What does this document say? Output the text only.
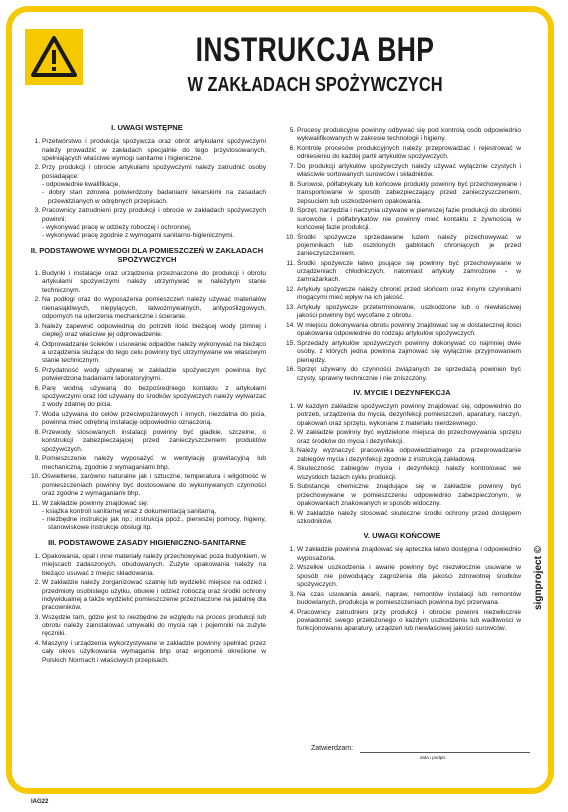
INSTRUKCJA BHP
W ZAKŁADACH SPOŻYWCZYCH
I. UWAGI WSTĘPNE
1. Przetwórstwo i produkcja spożywcza oraz obrót artykułami spożywczymi należy prowadzić w zakładach specjalnie do tego przystosowanych, spełniających właściwe wymogi sanitarne i higieniczne.
2. Przy produkcji i obrocie artykułami spożywczymi należy zatrudnić osoby posiadające:
- odpowiednie kwalifikacje,
- dobry stan zdrowia potwierdzony badaniami lekarskimi na zasadach przewidzianych w odrębnych przepisach.
3. Pracownicy zatrudnieni przy produkcji i obrocie w zakładach spożywczych powinni:
- wykonywać pracę w odzieży roboczej i ochronnej,
- wykonywać pracę zgodnie z wymogami sanitarno-higienicznymi.
II. PODSTAWOWE WYMOGI DLA POMIESZCZEŃ W ZAKŁADACH SPOŻYWCZYCH
1. Budynki i instalacje oraz urządzenia przeznaczone do produkcji i obrotu artykułami spożywczymi należy utrzymywać w należytym stanie technicznym.
2. Na podłogi oraz do wyposażenia pomieszczeń należy używać materiałów nienasiąkliwych, niepylących, łatwozmywalnych, antypoślizgowych, odpornych na uderzenia mechaniczne i ścieranie.
3. Należy zapewnić odpowiednią do potrzeb ilość bieżącej wody (zimnej i ciepłej) oraz właściwe jej odprowadzenie.
4. Odprowadzanie ścieków i usuwanie odpadów należy wykonywać na bieżąco a urządzenia służące do tego celu powinny być utrzymywane we właściwym stanie technicznym.
5. Przydatność wody używanej w zakładzie spożywczym powinna być potwierdzona badaniami laboratoryjnymi.
6. Parę wodną używaną do bezpośredniego kontaktu z artykułami spożywczymi oraz lód używany do środków spożywczych należy wytwarzać z wody zdatnej do picia.
7. Woda używana do celów przeciwpożarowych i innych, niezdatna do picia, powinna mieć odrębną instalację odpowiednio oznaczoną.
8. Przewody stosowanych instalacji powinny być gładkie, szczelne, o konstrukcji zabezpieczającej przed zanieczyszczeniem produktów spożywczych.
9. Pomieszczenie należy wyposażyć w wentylację grawitacyjną lub mechaniczną, zgodnie z wymaganiami bhp.
10. Oświetlenie, zarówno naturalne jak i sztuczne, temperatura i wilgotność w pomieszczeniach powinny być dostosowane do wykonywanych czynności oraz zgodne z wymaganiami bhp.
11. W zakładzie powinny znajdować się:
- książka kontroli sanitarnej wraz z dokumentacją sanitarną,
- niezbędne instrukcje jak np.: instrukcja ppoż., pierwszej pomocy, higieny, stanowiskowe instrukcje obsługi itp.
III. PODSTAWOWE ZASADY HIGIENICZNO-SANITARNE
1. Opakowania, opał i inne materiały należy przechowywać poza budynkiem, w miejscach zadaszonych, obudowanych. Zużyte opakowania należy na bieżąco usuwać z miejsc składowania.
2. W zakładzie należy zorganizować szatnię lub wydzielić miejsce na odzież i przedmioty osobistego użytku, obuwie i odzież roboczą oraz środki ochrony indywidualnej a także wydzielić pomieszczenie przeznaczone na jadalnię dla pracowników.
3. Wszędzie tam, gdzie jest to niezbędne ze względu na proces produkcji lub obrotu należy zainstalować umywalki do mycia rąk i pojemniki na zużyte ręczniki.
4. Maszyny i urządzenia wykorzystywane w zakładzie powinny spełniać przez cały okres użytkowania wymagania bhp oraz ergonomii określone w Polskich Normach i właściwych przepisach.
5. Procesy produkcyjne powinny odbywać się pod kontrolą osób odpowiednio wykwalifikowanych w zakresie technologii i higieny.
6. Kontrolę procesów produkcyjnych należy przeprowadzać i rejestrować w odniesieniu do każdej partii artykułów spożywczych.
7. Do produkcji artykułów spożywczych należy używać wyłącznie czystych i właściwie sortowanych surowców i składników.
8. Surowce, półfabrykaty lub końcowe produkty powinny być przechowywane i transportowane w sposób zabezpieczający przed zanieczyszczeniem, zepsuciem lub uszkodzeniem opakowania.
9. Sprzęt, narzędzia i naczynia używane w pierwszej fazie produkcji do obróbki surowców i półfabrykatów nie powinny mieć kontaktu z żywnością w końcowej fazie produkcji.
10. Środki spożywcze sprzedawane luzem należy przechowywać w pojemnikach lub oszklonych gablotach chroniących je przed zanieczyszczeniem.
11. Środki spożywcze łatwo psujące się powinny być przechowywane w urządzeniach chłodniczych, natomiast artykuły zamrożone - w zamrażarkach.
12. Artykuły spożywcze należy chronić przed słońcem oraz innymi czynnikami mogącymi mieć wpływ na ich jakość.
13. Artykuły spożywcze przeterminowane, uszkodzone lub o niewłaściwej jakości powinny być wycofane z obrotu.
14. W miejscu dokonywania obrotu powinny znajdować się w dostatecznej ilości opakowania odpowiednie do rodzaju artykułów spożywczych.
15. Sprzedaży artykułów spożywczych powinny dokonywać co najmniej dwie osoby, z których jedna powinna zajmować się wyłącznie przyjmowaniem pieniędzy.
16. Sprzęt używany do czynności związanych ze sprzedażą powinien być czysty, sprawny technicznie i nie zniszczony.
IV. MYCIE I DEZYNFEKCJA
1. W każdym zakładzie spożywczym powinny znajdować się, odpowiednio do potrzeb, urządzenia do mycia, dezynfekcji pomieszczeń, aparatury, naczyń, opakowań oraz sprzętu, wykonane z materiału nierdzewnego.
2. W zakładzie powinny być wydzielone miejsca do przechowywania sprzętu oraz środków do mycia i dezynfekcji.
3. Należy wyznaczyć pracownika odpowiedzialnego za przeprowadzanie zabiegów mycia i dezynfekcji zgodnie z instrukcją zakładową.
4. Skuteczność zabiegów mycia i dezynfekcji należy kontrolować we wszystkich fazach cyklu produkcji.
5. Substancje chemiczne znajdujące się w zakładzie powinny być przechowywane w pomieszczeniu odpowiednio zabezpieczonym, w opakowaniach znakowanych w sposób widoczny.
6. W zakładzie należy stosować skuteczne środki ochrony przed dostępem szkodników.
V. UWAGI KOŃCOWE
1. W zakładzie powinna znajdować się apteczka łatwo dostępna i odpowiednio wyposażona.
2. Wszelkie uszkodzenia i awarie powinny być niezwłocznie usuwane w sposób nie powodujący zagrożenia dla jakości zdrowotnej środków spożywczych.
3. Na czas usuwania awarii, napraw, remontów instalacji lub remontów budowlanych, produkcja w pomieszczeniach powinna być przerwana.
4. Pracownicy zatrudnieni przy produkcji i obrocie powinni niezwłocznie powiadomić swego przełożonego o każdym uszkodzeniu lub wadliwości w funkcjonowaniu aparatury, urządzeń lub niewłaściwej jakości surowców.
Zatwierdzam:
data i podpis
signproject ©
IAG22
